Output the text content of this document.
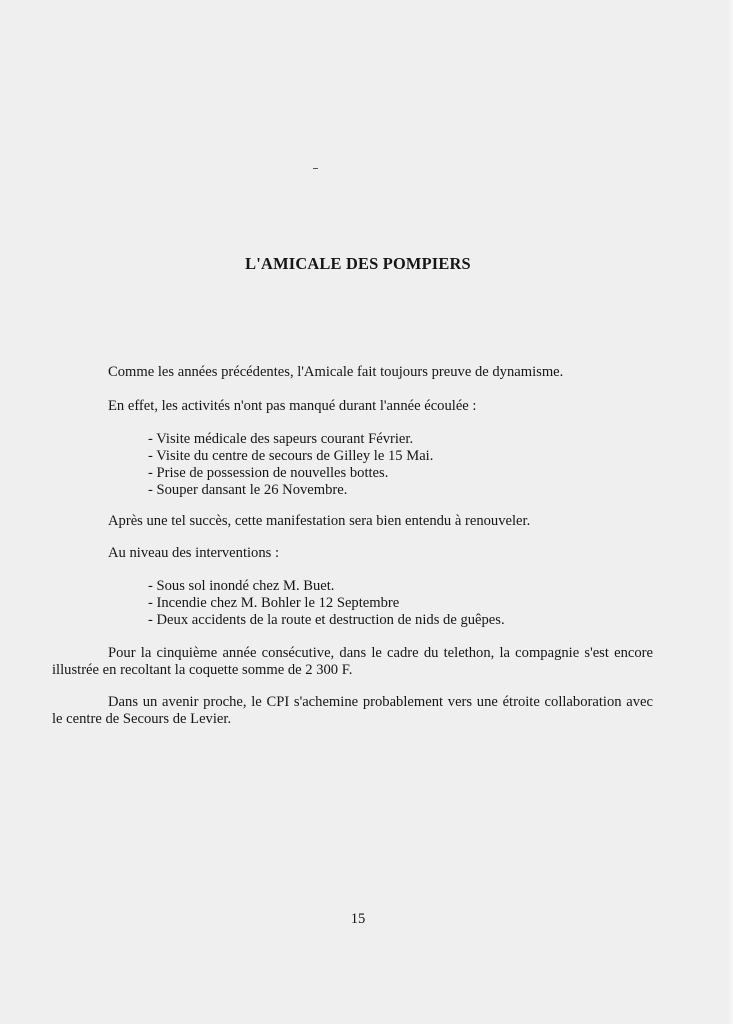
L'AMICALE DES POMPIERS

Comme les années précédentes, l'Amicale fait toujours preuve de dynamisme.

En effet, les activités n'ont pas manqué durant l'année écoulée :

- Visite médicale des sapeurs courant Février.
- Visite du centre de secours de Gilley le 15 Mai.
- Prise de possession de nouvelles bottes.
- Souper dansant le 26 Novembre.

Après une tel succès, cette manifestation sera bien entendu à renouveler.

Au niveau des interventions :

- Sous sol inondé chez M. Buet.
- Incendie chez M. Bohler le 12 Septembre
- Deux accidents de la route et destruction de nids de guêpes.

Pour la cinquième année consécutive, dans le cadre du telethon, la compagnie s'est encore illustrée en recoltant la coquette somme de 2 300 F.

Dans un avenir proche, le CPI s'achemine probablement vers une étroite collaboration avec le centre de Secours de Levier.

15
